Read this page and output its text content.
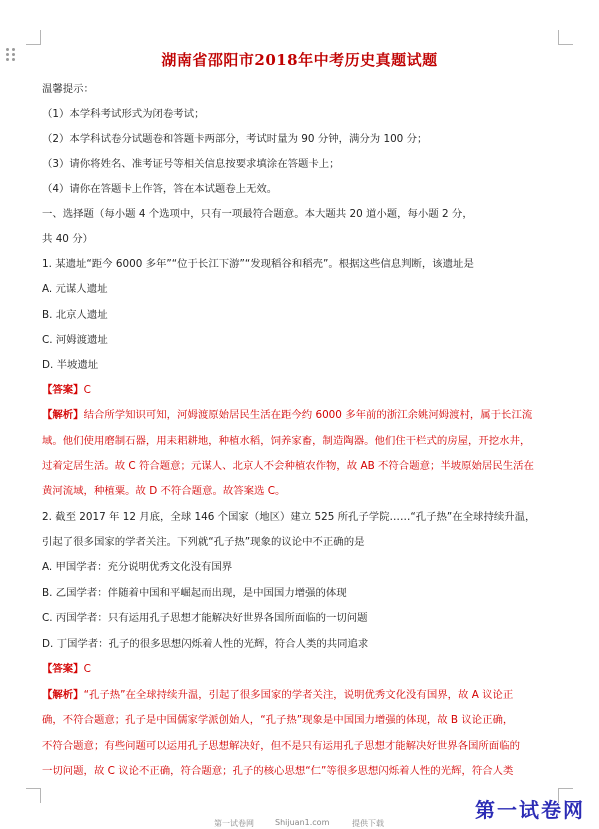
湖南省邵阳市2018年中考历史真题试题
温馨提示：
（1）本学科考试形式为闭卷考试；
（2）本学科试卷分试题卷和答题卡两部分，考试时量为 90 分钟，满分为 100 分；
（3）请你将姓名、准考证号等相关信息按要求填涂在答题卡上；
（4）请你在答题卡上作答，答在本试题卷上无效。
一、选择题（每小题 4 个选项中，只有一项最符合题意。本大题共 20 道小题，每小题 2 分，
共 40 分）
1. 某遗址“距今 6000 多年”“位于长江下游”“发现稻谷和稻壳”。根据这些信息判断，该遗址是
A. 元谋人遗址
B. 北京人遗址
C. 河姆渡遗址
D. 半坡遗址
【答案】C
【解析】结合所学知识可知，河姆渡原始居民生活在距今约 6000 多年前的浙江余姚河姆渡村，属于长江流
域。他们使用磨制石器，用耒耜耕地，种植水稻，饲养家畜，制造陶器。他们住干栏式的房屋，开挖水井，
过着定居生活。故 C 符合题意；元谋人、北京人不会种植农作物，故 AB 不符合题意；半坡原始居民生活在
黄河流域，种植粟。故 D 不符合题意。故答案选 C。
2. 截至 2017 年 12 月底，全球 146 个国家（地区）建立 525 所孔子学院……“孔子热”在全球持续升温，
引起了很多国家的学者关注。下列就“孔子热”现象的议论中不正确的是
A. 甲国学者：充分说明优秀文化没有国界
B. 乙国学者：伴随着中国和平崛起而出现，是中国国力增强的体现
C. 丙国学者：只有运用孔子思想才能解决好世界各国所面临的一切问题
D. 丁国学者：孔子的很多思想闪烁着人性的光辉，符合人类的共同追求
【答案】C
【解析】“孔子热”在全球持续升温，引起了很多国家的学者关注，说明优秀文化没有国界，故 A 议论正
确，不符合题意；孔子是中国儒家学派创始人，“孔子热”现象是中国国力增强的体现，故 B 议论正确，
不符合题意；有些问题可以运用孔子思想解决好，但不是只有运用孔子思想才能解决好世界各国所面临的
一切问题，故 C 议论不正确，符合题意；孔子的核心思想“仁”等很多思想闪烁着人性的光辉，符合人类
第一试卷网
第一试卷网	Shijuan1.com	提供下载
